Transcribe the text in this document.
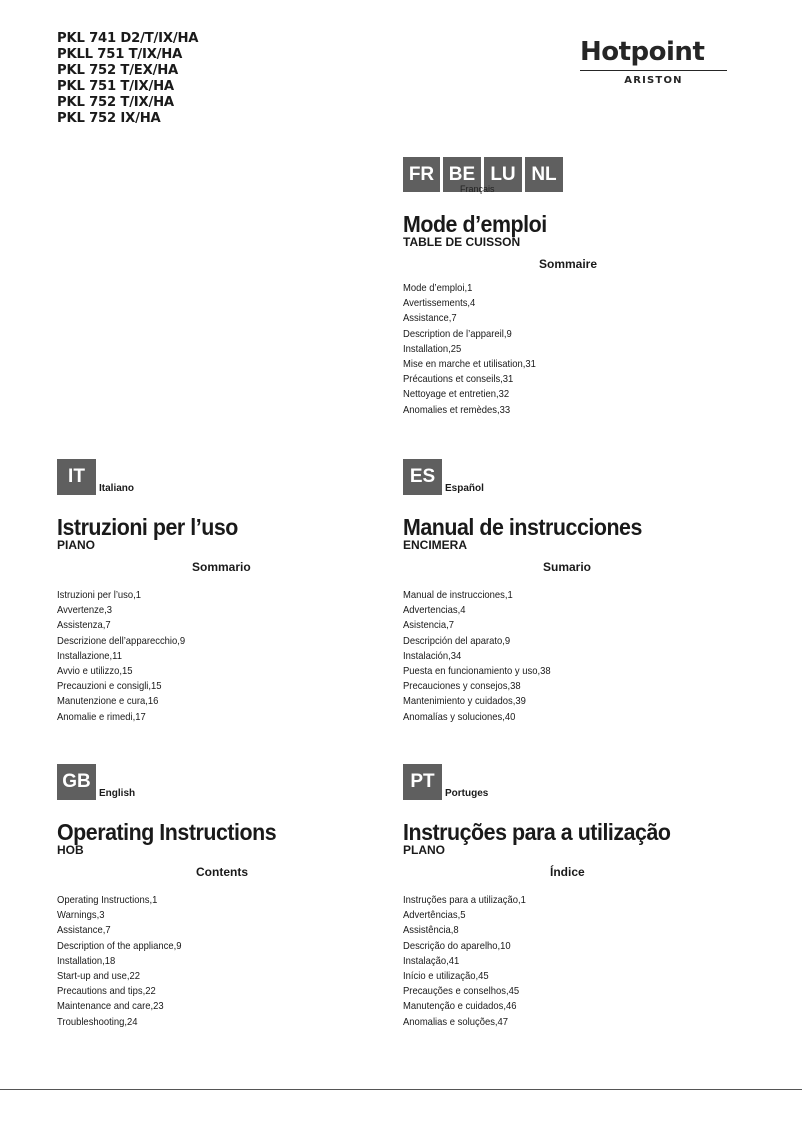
PKL 741 D2/T/IX/HA
PKLL 751 T/IX/HA
PKL 752 T/EX/HA
PKL 751 T/IX/HA
PKL 752 T/IX/HA
PKL 752 IX/HA
Hotpoint
ARISTON
FR BE LU NL
Français
Mode d’emploi
TABLE DE CUISSON
Sommaire
Mode d’emploi,1
Avertissements,4
Assistance,7
Description de l’appareil,9
Installation,25
Mise en marche et utilisation,31
Précautions et conseils,31
Nettoyage et entretien,32
Anomalies et remèdes,33
IT
Italiano
Istruzioni per l’uso
PIANO
Sommario
Istruzioni per l’uso,1
Avvertenze,3
Assistenza,7
Descrizione dell’apparecchio,9
Installazione,11
Avvio e utilizzo,15
Precauzioni e consigli,15
Manutenzione e cura,16
Anomalie e rimedi,17
ES
Español
Manual de instrucciones
ENCIMERA
Sumario
Manual de instrucciones,1
Advertencias,4
Asistencia,7
Descripción del aparato,9
Instalación,34
Puesta en funcionamiento y uso,38
Precauciones y consejos,38
Mantenimiento y cuidados,39
Anomalías y soluciones,40
GB
English
Operating Instructions
HOB
Contents
Operating Instructions,1
Warnings,3
Assistance,7
Description of the appliance,9
Installation,18
Start-up and use,22
Precautions and tips,22
Maintenance and care,23
Troubleshooting,24
PT
Portuges
Instruções para a utilização
PLANO
Índice
Instruções para a utilização,1
Advertências,5
Assistência,8
Descrição do aparelho,10
Instalação,41
Início e utilização,45
Precauções e conselhos,45
Manutenção e cuidados,46
Anomalias e soluções,47
